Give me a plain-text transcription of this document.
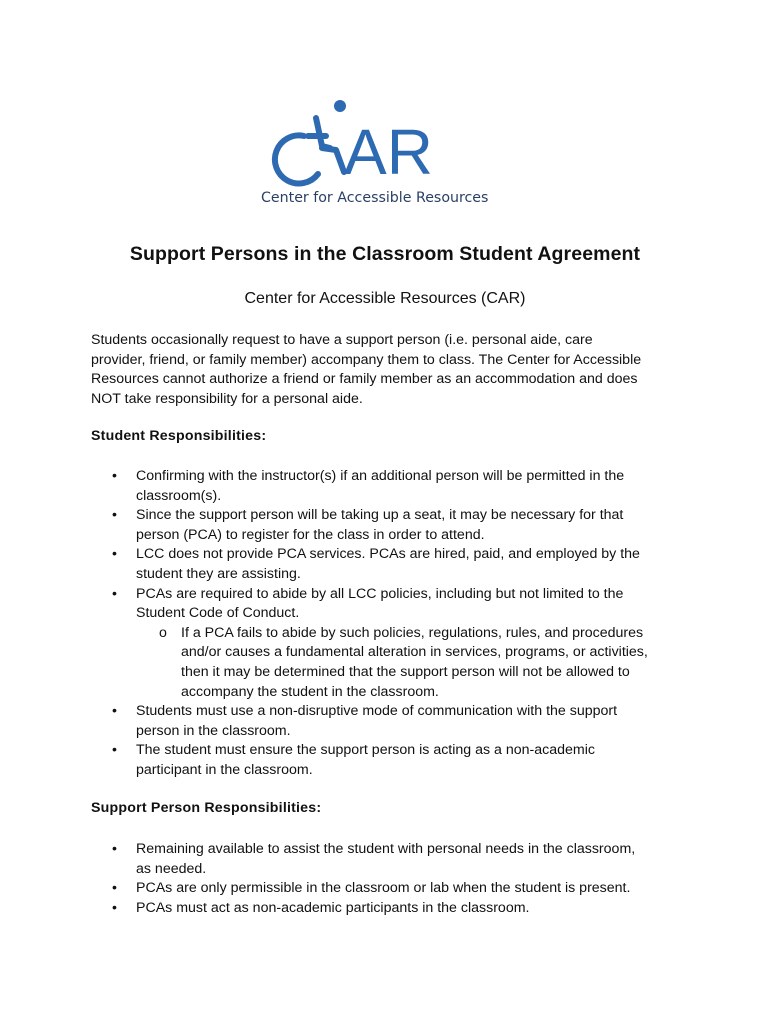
AR
Center for Accessible Resources
Support Persons in the Classroom Student Agreement
Center for Accessible Resources (CAR)
Students occasionally request to have a support person (i.e. personal aide, care
provider, friend, or family member) accompany them to class. The Center for Accessible
Resources cannot authorize a friend or family member as an accommodation and does
NOT take responsibility for a personal aide.
Student Responsibilities:
• Confirming with the instructor(s) if an additional person will be permitted in the
classroom(s).
• Since the support person will be taking up a seat, it may be necessary for that
person (PCA) to register for the class in order to attend.
• LCC does not provide PCA services. PCAs are hired, paid, and employed by the
student they are assisting.
• PCAs are required to abide by all LCC policies, including but not limited to the
Student Code of Conduct.
o If a PCA fails to abide by such policies, regulations, rules, and procedures
and/or causes a fundamental alteration in services, programs, or activities,
then it may be determined that the support person will not be allowed to
accompany the student in the classroom.
• Students must use a non-disruptive mode of communication with the support
person in the classroom.
• The student must ensure the support person is acting as a non-academic
participant in the classroom.
Support Person Responsibilities:
• Remaining available to assist the student with personal needs in the classroom,
as needed.
• PCAs are only permissible in the classroom or lab when the student is present.
• PCAs must act as non-academic participants in the classroom.
